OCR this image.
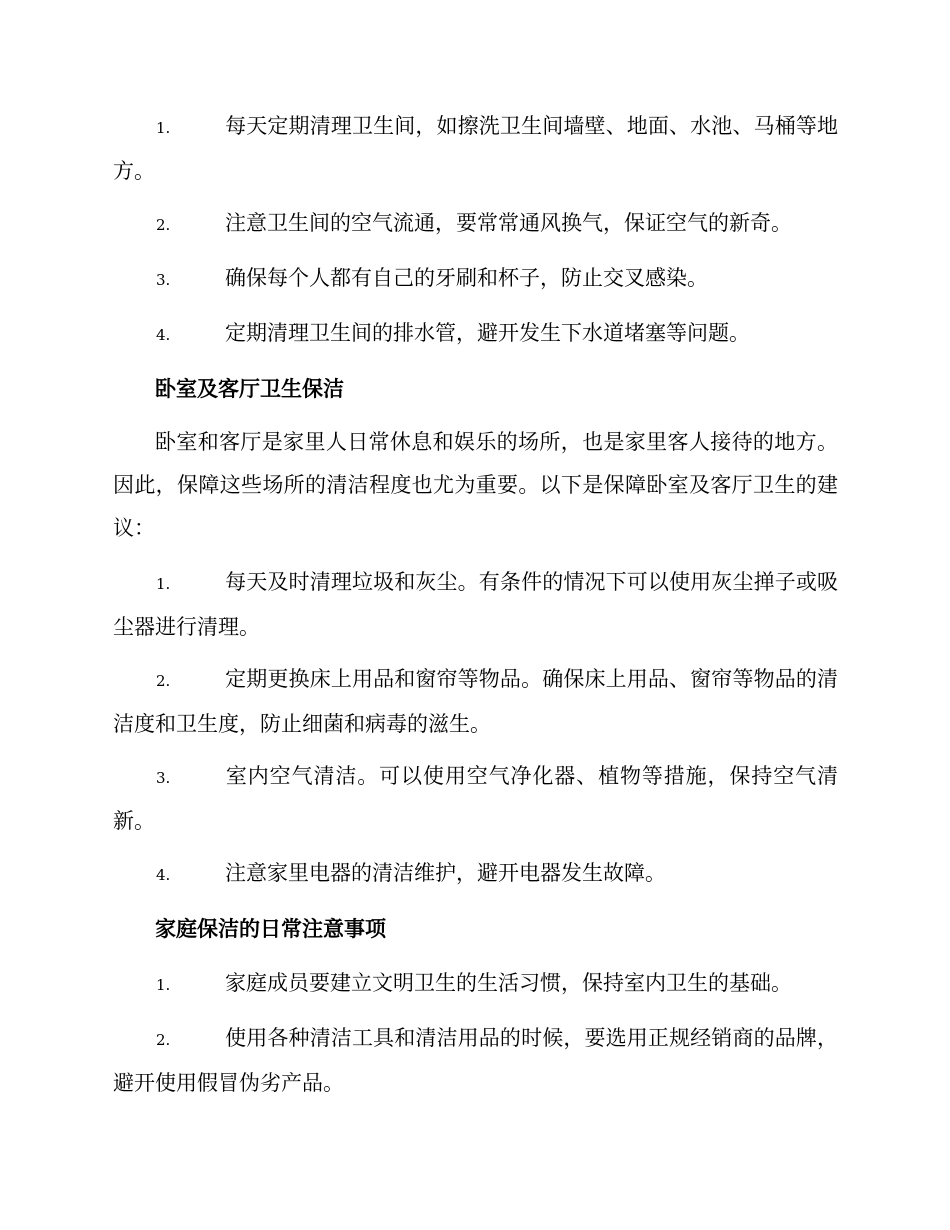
1.	每天定期清理卫生间，如擦洗卫生间墙壁、地面、水池、马桶等地方。

2.	注意卫生间的空气流通，要常常通风换气，保证空气的新奇。

3.	确保每个人都有自己的牙刷和杯子，防止交叉感染。

4.	定期清理卫生间的排水管，避开发生下水道堵塞等问题。

卧室及客厅卫生保洁

卧室和客厅是家里人日常休息和娱乐的场所，也是家里客人接待的地方。因此，保障这些场所的清洁程度也尤为重要。以下是保障卧室及客厅卫生的建议：

1.	每天及时清理垃圾和灰尘。有条件的情况下可以使用灰尘掸子或吸尘器进行清理。

2.	定期更换床上用品和窗帘等物品。确保床上用品、窗帘等物品的清洁度和卫生度，防止细菌和病毒的滋生。

3.	室内空气清洁。可以使用空气净化器、植物等措施，保持空气清新。

4.	注意家里电器的清洁维护，避开电器发生故障。

家庭保洁的日常注意事项

1.	家庭成员要建立文明卫生的生活习惯，保持室内卫生的基础。

2.	使用各种清洁工具和清洁用品的时候，要选用正规经销商的品牌，避开使用假冒伪劣产品。
